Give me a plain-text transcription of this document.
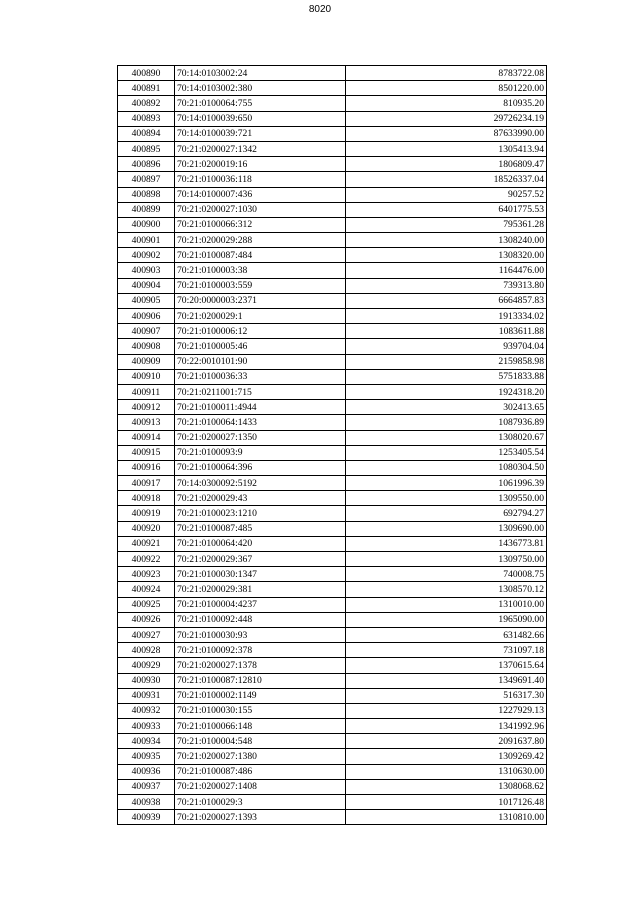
8020
400890	70:14:0103002:24	8783722.08
400891	70:14:0103002:380	8501220.00
400892	70:21:0100064:755	810935.20
400893	70:14:0100039:650	29726234.19
400894	70:14:0100039:721	87633990.00
400895	70:21:0200027:1342	1305413.94
400896	70:21:0200019:16	1806809.47
400897	70:21:0100036:118	18526337.04
400898	70:14:0100007:436	90257.52
400899	70:21:0200027:1030	6401775.53
400900	70:21:0100066:312	795361.28
400901	70:21:0200029:288	1308240.00
400902	70:21:0100087:484	1308320.00
400903	70:21:0100003:38	1164476.00
400904	70:21:0100003:559	739313.80
400905	70:20:0000003:2371	6664857.83
400906	70:21:0200029:1	1913334.02
400907	70:21:0100006:12	1083611.88
400908	70:21:0100005:46	939704.04
400909	70:22:0010101:90	2159858.98
400910	70:21:0100036:33	5751833.88
400911	70:21:0211001:715	1924318.20
400912	70:21:0100011:4944	302413.65
400913	70:21:0100064:1433	1087936.89
400914	70:21:0200027:1350	1308020.67
400915	70:21:0100093:9	1253405.54
400916	70:21:0100064:396	1080304.50
400917	70:14:0300092:5192	1061996.39
400918	70:21:0200029:43	1309550.00
400919	70:21:0100023:1210	692794.27
400920	70:21:0100087:485	1309690.00
400921	70:21:0100064:420	1436773.81
400922	70:21:0200029:367	1309750.00
400923	70:21:0100030:1347	740008.75
400924	70:21:0200029:381	1308570.12
400925	70:21:0100004:4237	1310010.00
400926	70:21:0100092:448	1965090.00
400927	70:21:0100030:93	631482.66
400928	70:21:0100092:378	731097.18
400929	70:21:0200027:1378	1370615.64
400930	70:21:0100087:12810	1349691.40
400931	70:21:0100002:1149	516317.30
400932	70:21:0100030:155	1227929.13
400933	70:21:0100066:148	1341992.96
400934	70:21:0100004:548	2091637.80
400935	70:21:0200027:1380	1309269.42
400936	70:21:0100087:486	1310630.00
400937	70:21:0200027:1408	1308068.62
400938	70:21:0100029:3	1017126.48
400939	70:21:0200027:1393	1310810.00
